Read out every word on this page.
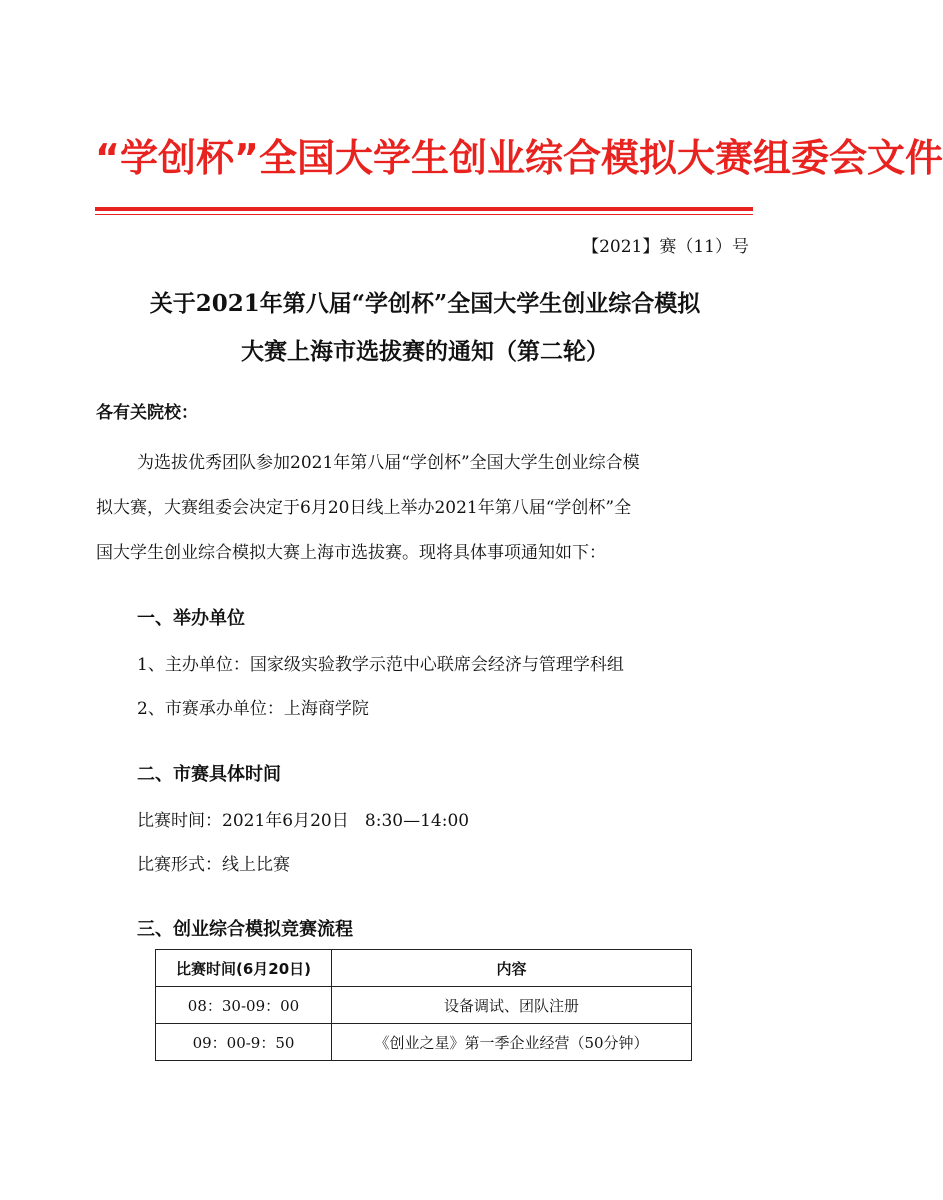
“学创杯”全国大学生创业综合模拟大赛组委会文件
【2021】赛（11）号
关于2021年第八届“学创杯”全国大学生创业综合模拟
大赛上海市选拔赛的通知（第二轮）
各有关院校：
为选拔优秀团队参加2021年第八届“学创杯”全国大学生创业综合模
拟大赛，大赛组委会决定于6月20日线上举办2021年第八届“学创杯”全
国大学生创业综合模拟大赛上海市选拔赛。现将具体事项通知如下：
一、举办单位
1、主办单位：国家级实验教学示范中心联席会经济与管理学科组
2、市赛承办单位：上海商学院
二、市赛具体时间
比赛时间：2021年6月20日   8:30—14:00
比赛形式：线上比赛
三、创业综合模拟竞赛流程
比赛时间(6月20日)	内容
08：30-09：00	设备调试、团队注册
09：00-9：50	《创业之星》第一季企业经营（50分钟）
